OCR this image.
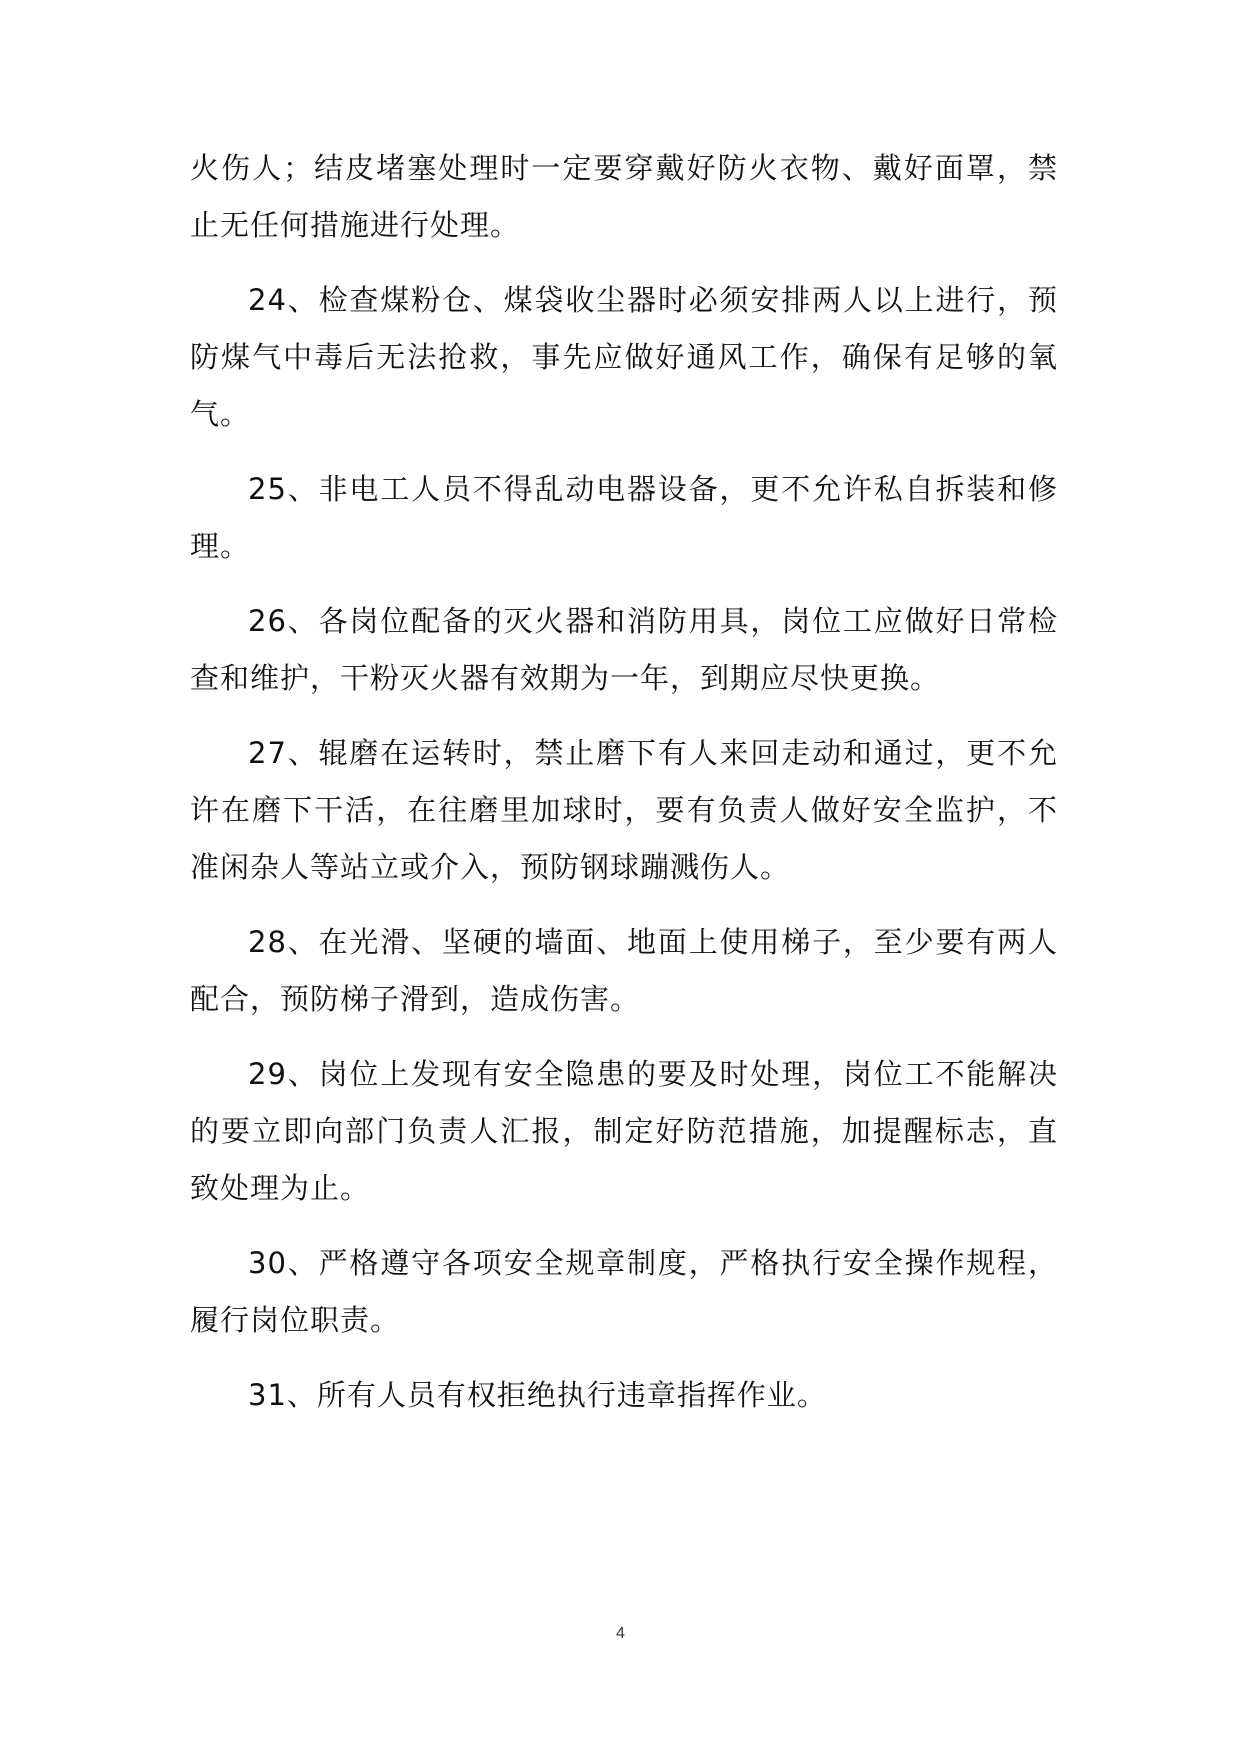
火伤人；结皮堵塞处理时一定要穿戴好防火衣物、戴好面罩，禁止无任何措施进行处理。

24、检查煤粉仓、煤袋收尘器时必须安排两人以上进行，预防煤气中毒后无法抢救，事先应做好通风工作，确保有足够的氧气。

25、非电工人员不得乱动电器设备，更不允许私自拆装和修理。

26、各岗位配备的灭火器和消防用具，岗位工应做好日常检查和维护，干粉灭火器有效期为一年，到期应尽快更换。

27、辊磨在运转时，禁止磨下有人来回走动和通过，更不允许在磨下干活，在往磨里加球时，要有负责人做好安全监护，不准闲杂人等站立或介入，预防钢球蹦溅伤人。

28、在光滑、坚硬的墙面、地面上使用梯子，至少要有两人配合，预防梯子滑到，造成伤害。

29、岗位上发现有安全隐患的要及时处理，岗位工不能解决的要立即向部门负责人汇报，制定好防范措施，加提醒标志，直致处理为止。

30、严格遵守各项安全规章制度，严格执行安全操作规程，履行岗位职责。

31、所有人员有权拒绝执行违章指挥作业。

4
